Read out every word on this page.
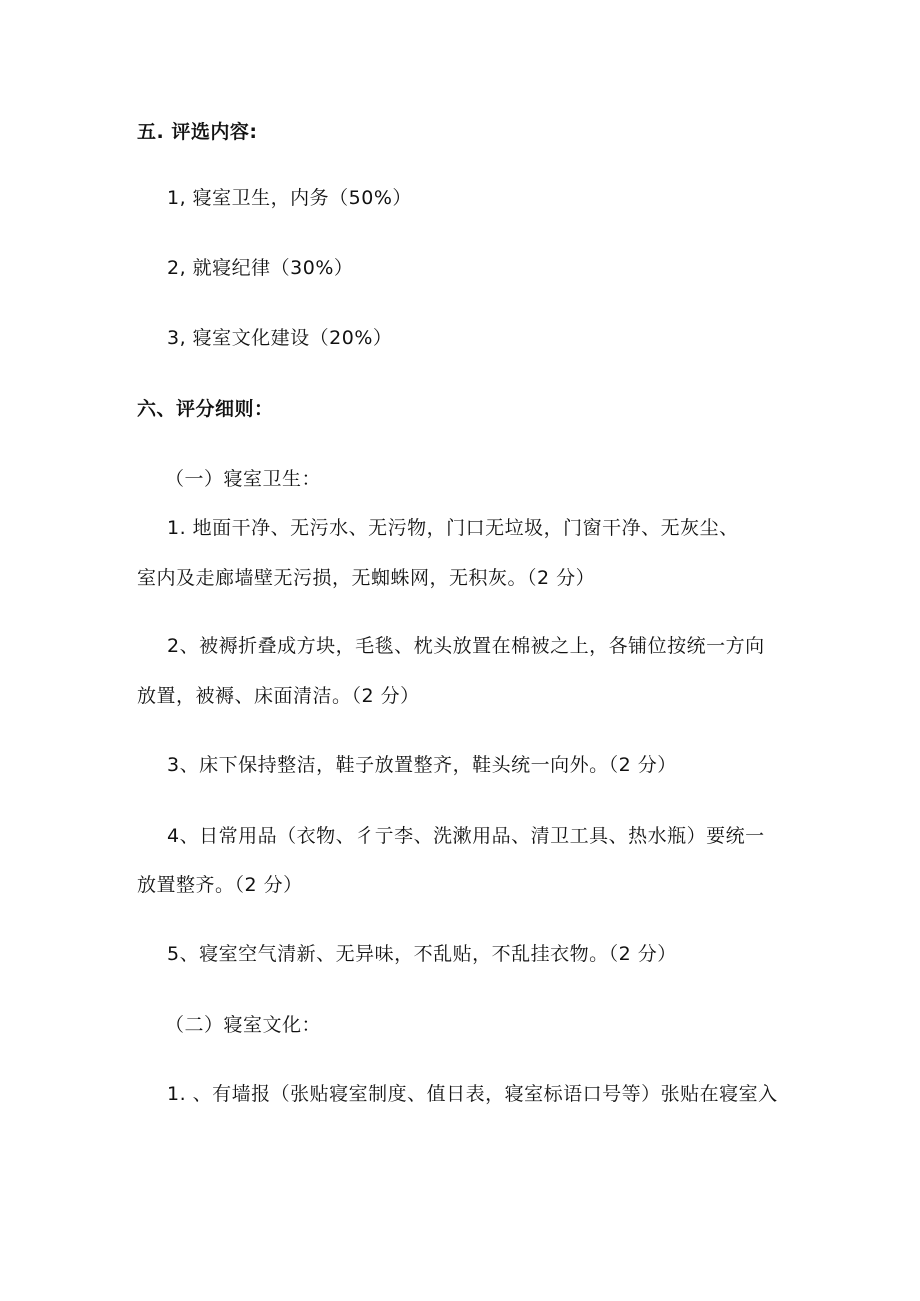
五. 评选内容:
1, 寝室卫生，内务（50%）
2, 就寝纪律（30%）
3, 寝室文化建设（20%）
六、评分细则：
（一）寝室卫生：
1. 地面干净、无污水、无污物，门口无垃圾，门窗干净、无灰尘、
室内及走廊墙壁无污损，无蜘蛛网，无积灰。（2 分）
2、被褥折叠成方块，毛毯、枕头放置在棉被之上，各铺位按统一方向
放置，被褥、床面清洁。（2 分）
3、床下保持整洁，鞋子放置整齐，鞋头统一向外。（2 分）
4、日常用品（衣物、彳亍李、洗漱用品、清卫工具、热水瓶）要统一
放置整齐。（2 分）
5、寝室空气清新、无异味，不乱贴，不乱挂衣物。（2 分）
（二）寝室文化：
1. 、有墙报（张贴寝室制度、值日表，寝室标语口号等）张贴在寝室入
